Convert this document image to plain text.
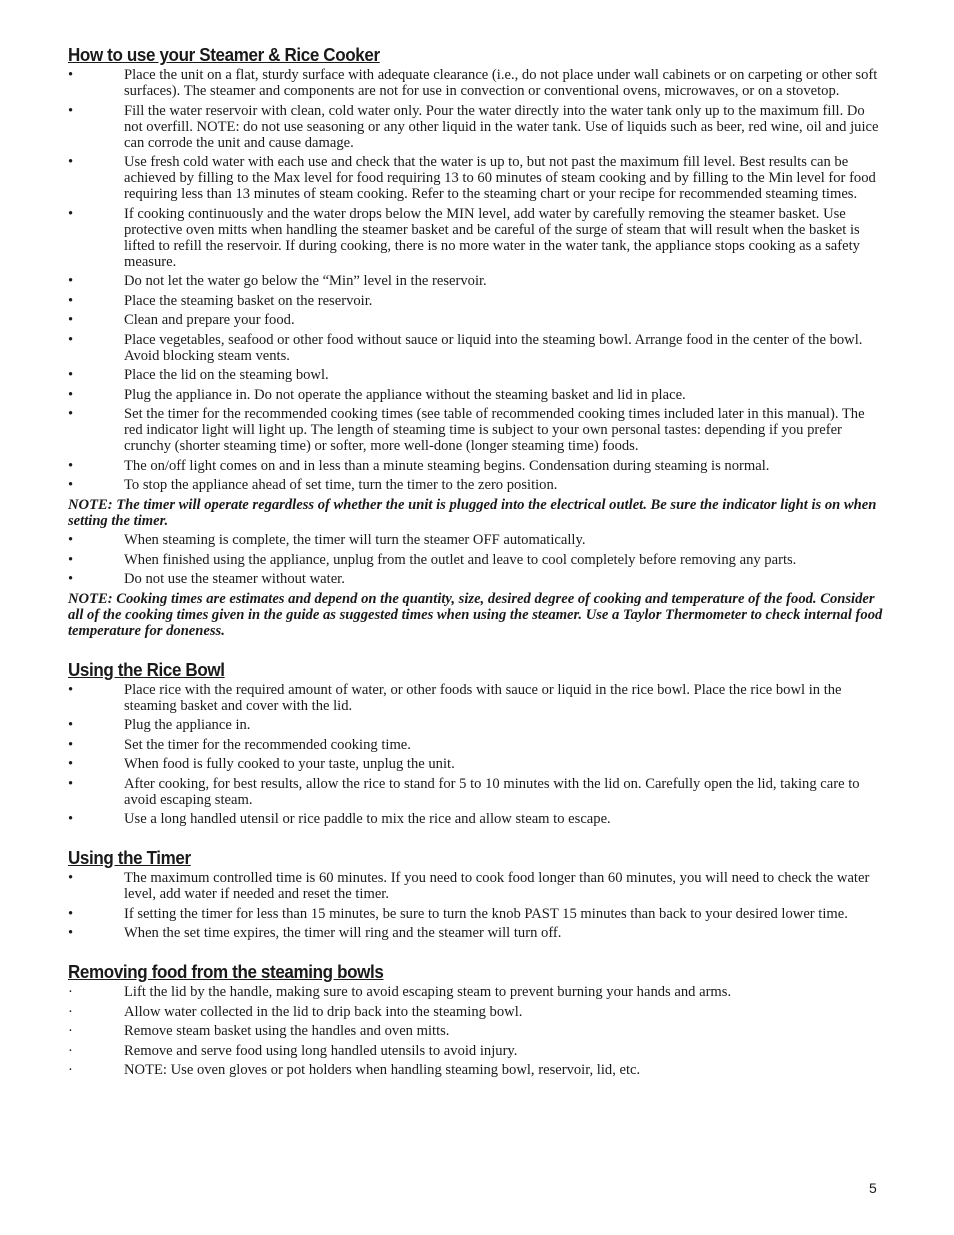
How to use your Steamer & Rice Cooker
•	Place the unit on a flat, sturdy surface with adequate clearance (i.e., do not place under wall cabinets or on carpeting or other soft surfaces). The steamer and components are not for use in convection or conventional ovens, microwaves, or on a stovetop.
•	Fill the water reservoir with clean, cold water only. Pour the water directly into the water tank only up to the maximum fill. Do not overfill. NOTE: do not use seasoning or any other liquid in the water tank. Use of liquids such as beer, red wine, oil and juice can corrode the unit and cause damage.
•	Use fresh cold water with each use and check that the water is up to, but not past the maximum fill level. Best results can be achieved by filling to the Max level for food requiring 13 to 60 minutes of steam cooking and by filling to the Min level for food requiring less than 13 minutes of steam cooking. Refer to the steaming chart or your recipe for recommended steaming times.
•	If cooking continuously and the water drops below the MIN level, add water by carefully removing the steamer basket. Use protective oven mitts when handling the steamer basket and be careful of the surge of steam that will result when the basket is lifted to refill the reservoir. If during cooking, there is no more water in the water tank, the appliance stops cooking as a safety measure.
•	Do not let the water go below the “Min” level in the reservoir.
•	Place the steaming basket on the reservoir.
•	Clean and prepare your food.
•	Place vegetables, seafood or other food without sauce or liquid into the steaming bowl. Arrange food in the center of the bowl. Avoid blocking steam vents.
•	Place the lid on the steaming bowl.
•	Plug the appliance in. Do not operate the appliance without the steaming basket and lid in place.
•	Set the timer for the recommended cooking times (see table of recommended cooking times included later in this manual). The red indicator light will light up. The length of steaming time is subject to your own personal tastes: depending if you prefer crunchy (shorter steaming time) or softer, more well-done (longer steaming time) foods.
•	The on/off light comes on and in less than a minute steaming begins. Condensation during steaming is normal.
•	To stop the appliance ahead of set time, turn the timer to the zero position.

NOTE: The timer will operate regardless of whether the unit is plugged into the electrical outlet. Be sure the indicator light is on when setting the timer.

•	When steaming is complete, the timer will turn the steamer OFF automatically.
•	When finished using the appliance, unplug from the outlet and leave to cool completely before removing any parts.
•	Do not use the steamer without water.

NOTE: Cooking times are estimates and depend on the quantity, size, desired degree of cooking and temperature of the food. Consider all of the cooking times given in the guide as suggested times when using the steamer. Use a Taylor Thermometer to check internal food temperature for doneness.

Using the Rice Bowl
•	Place rice with the required amount of water, or other foods with sauce or liquid in the rice bowl. Place the rice bowl in the steaming basket and cover with the lid.
•	Plug the appliance in.
•	Set the timer for the recommended cooking time.
•	When food is fully cooked to your taste, unplug the unit.
•	After cooking, for best results, allow the rice to stand for 5 to 10 minutes with the lid on. Carefully open the lid, taking care to avoid escaping steam.
•	Use a long handled utensil or rice paddle to mix the rice and allow steam to escape.
Using the Timer
•	The maximum controlled time is 60 minutes. If you need to cook food longer than 60 minutes, you will need to check the water level, add water if needed and reset the timer.
•	If setting the timer for less than 15 minutes, be sure to turn the knob PAST 15 minutes than back to your desired lower time.
•	When the set time expires, the timer will ring and the steamer will turn off.
Removing food from the steaming bowls
·	Lift the lid by the handle, making sure to avoid escaping steam to prevent burning your hands and arms.
·	Allow water collected in the lid to drip back into the steaming bowl.
·	Remove steam basket using the handles and oven mitts.
·	Remove and serve food using long handled utensils to avoid injury.
·	NOTE: Use oven gloves or pot holders when handling steaming bowl, reservoir, lid, etc.
5
